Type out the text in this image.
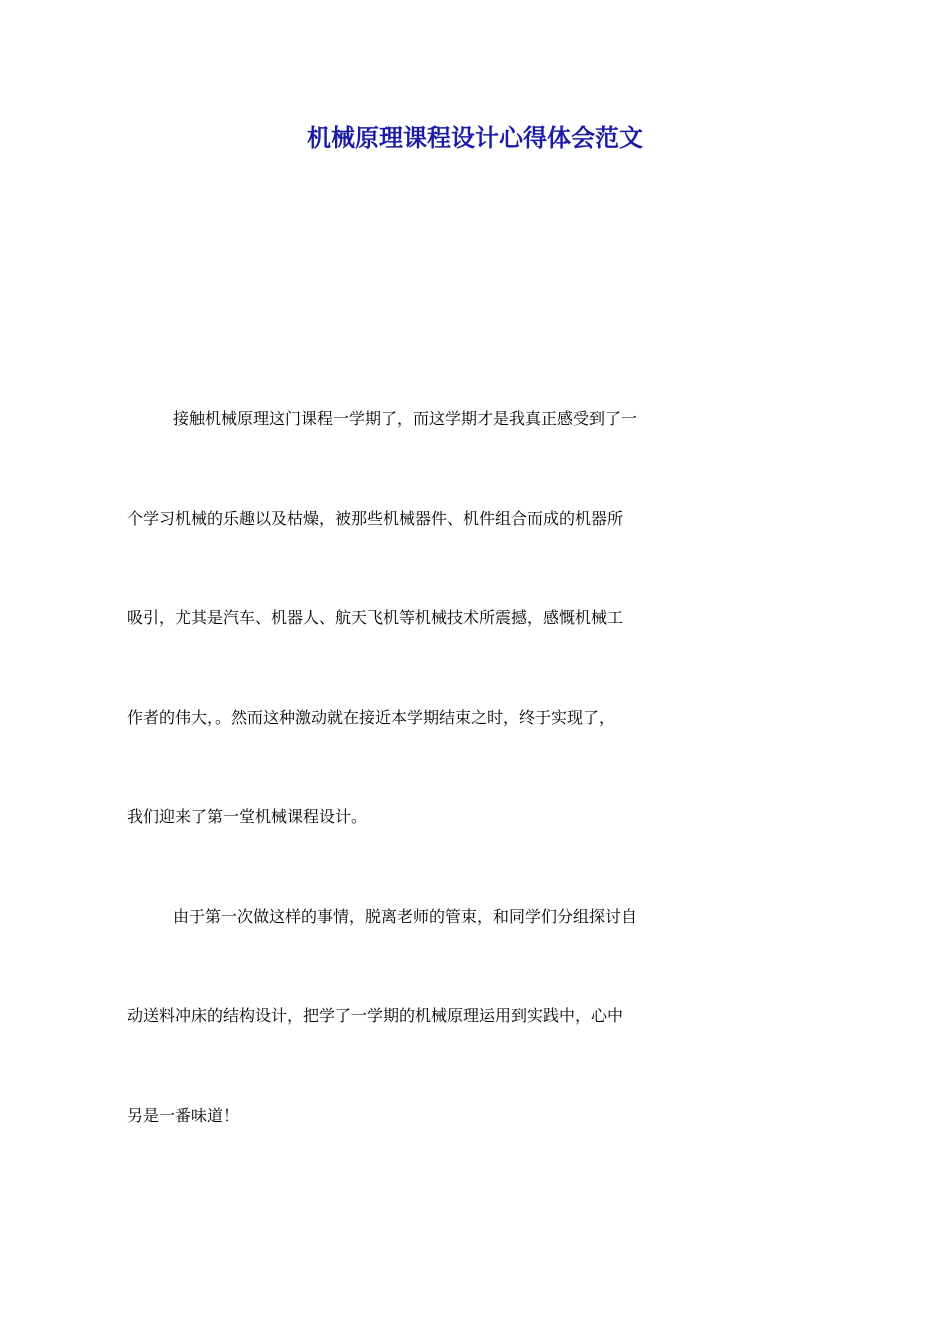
机械原理课程设计心得体会范文
接触机械原理这门课程一学期了，而这学期才是我真正感受到了一
个学习机械的乐趣以及枯燥，被那些机械器件、机件组合而成的机器所
吸引，尤其是汽车、机器人、航天飞机等机械技术所震撼，感慨机械工
作者的伟大，。然而这种激动就在接近本学期结束之时，终于实现了，
我们迎来了第一堂机械课程设计。
由于第一次做这样的事情，脱离老师的管束，和同学们分组探讨自
动送料冲床的结构设计，把学了一学期的机械原理运用到实践中，心中
另是一番味道！
